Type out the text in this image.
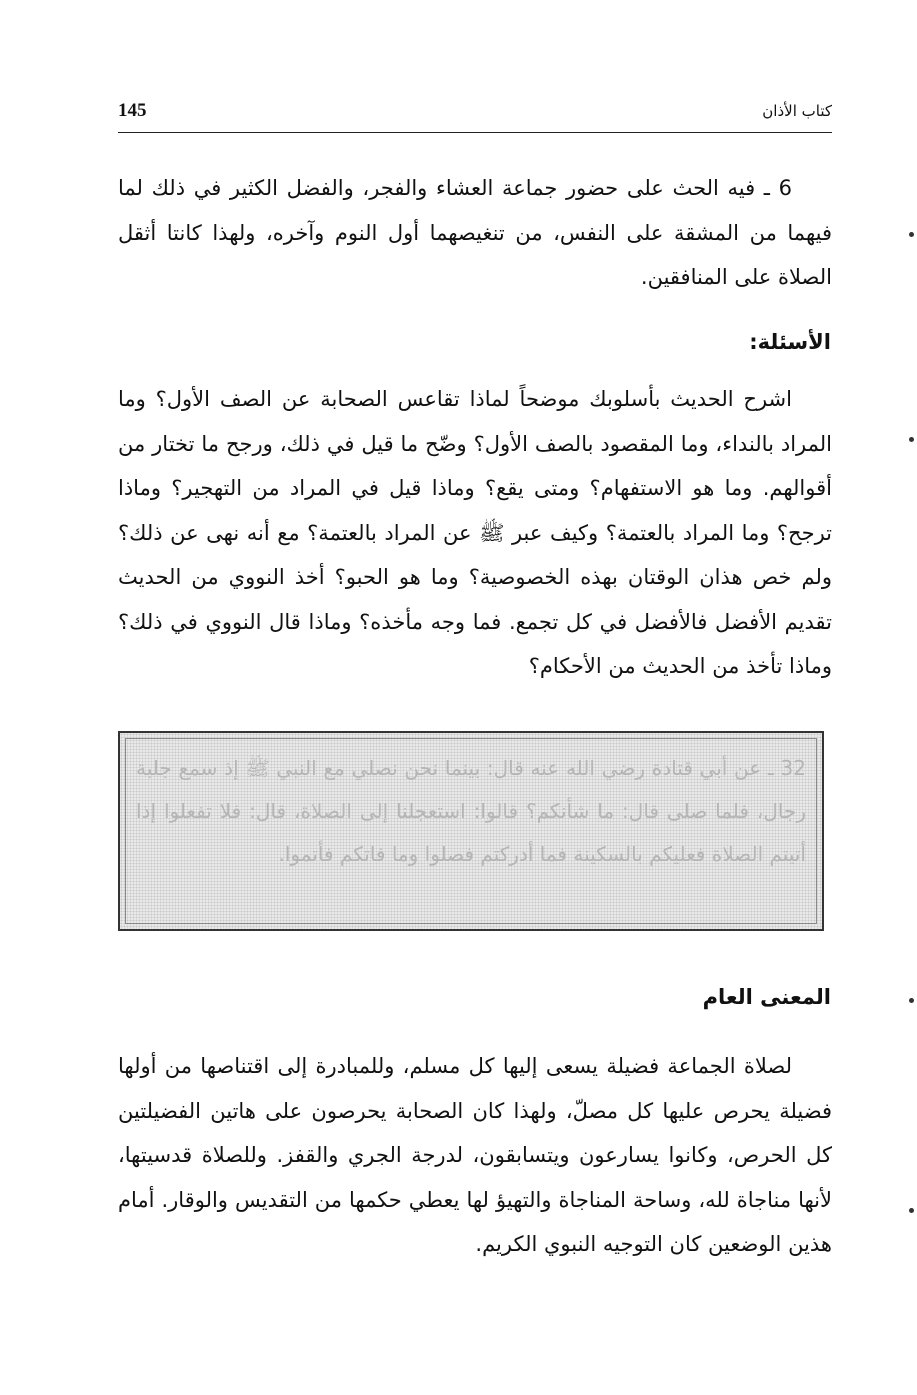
145	كتاب الأذان

6 ـ فيه الحث على حضور جماعة العشاء والفجر، والفضل الكثير في ذلك لما فيهما من المشقة على النفس، من تنغيصهما أول النوم وآخره، ولهذا كانتا أثقل الصلاة على المنافقين.

الأسئلة:

اشرح الحديث بأسلوبك موضحاً لماذا تقاعس الصحابة عن الصف الأول؟ وما المراد بالنداء، وما المقصود بالصف الأول؟ وضّح ما قيل في ذلك، ورجح ما تختار من أقوالهم. وما هو الاستفهام؟ ومتى يقع؟ وماذا قيل في المراد من التهجير؟ وماذا ترجح؟ وما المراد بالعتمة؟ وكيف عبر ﷺ عن المراد بالعتمة؟ مع أنه نهى عن ذلك؟ ولم خص هذان الوقتان بهذه الخصوصية؟ وما هو الحبو؟ أخذ النووي من الحديث تقديم الأفضل فالأفضل في كل تجمع. فما وجه مأخذه؟ وماذا قال النووي في ذلك؟ وماذا تأخذ من الحديث من الأحكام؟

32 ـ عن أبي قتادة رضي الله عنه قال: بينما نحن نصلي مع النبي ﷺ إذ سمع جلبة رجال، فلما صلى قال: ما شأنكم؟ قالوا: استعجلنا إلى الصلاة، قال: فلا تفعلوا إذا أتيتم الصلاة فعليكم بالسكينة فما أدركتم فصلوا وما فاتكم فأتموا.

المعنى العام

لصلاة الجماعة فضيلة يسعى إليها كل مسلم، وللمبادرة إلى اقتناصها من أولها فضيلة يحرص عليها كل مصلّ، ولهذا كان الصحابة يحرصون على هاتين الفضيلتين كل الحرص، وكانوا يسارعون ويتسابقون، لدرجة الجري والقفز. وللصلاة قدسيتها، لأنها مناجاة لله، وساحة المناجاة والتهيؤ لها يعطي حكمها من التقديس والوقار. أمام هذين الوضعين كان التوجيه النبوي الكريم.
